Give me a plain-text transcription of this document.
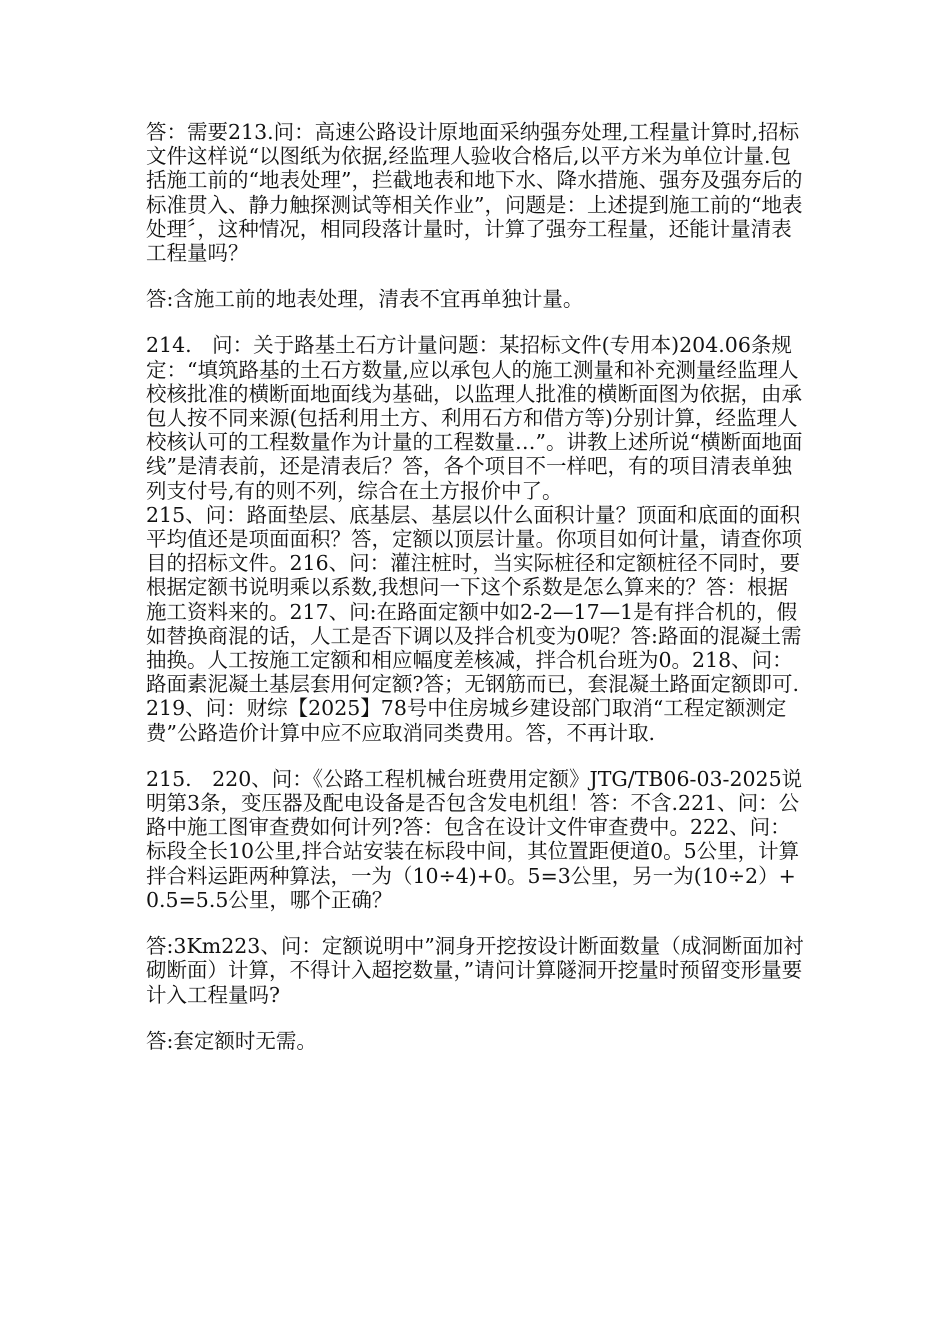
答：需要213.问：高速公路设计原地面采纳强夯处理,工程量计算时,招标文件这样说“以图纸为依据,经监理人验收合格后,以平方米为单位计量.包括施工前的“地表处理”，拦截地表和地下水、降水措施、强夯及强夯后的标准贯入、静力触探测试等相关作业”，问题是：上述提到施工前的“地表处理〞，这种情况，相同段落计量时，计算了强夯工程量，还能计量清表工程量吗？

答:含施工前的地表处理，清表不宜再单独计量。

214.　问：关于路基土石方计量问题：某招标文件(专用本)204.06条规定：“填筑路基的土石方数量,应以承包人的施工测量和补充测量经监理人校核批准的横断面地面线为基础，以监理人批准的横断面图为依据，由承包人按不同来源(包括利用土方、利用石方和借方等)分别计算，经监理人校核认可的工程数量作为计量的工程数量…”。讲教上述所说“横断面地面线”是清表前，还是清表后？答，各个项目不一样吧，有的项目清表单独列支付号,有的则不列，综合在土方报价中了。

215、问：路面垫层、底基层、基层以什么面积计量？顶面和底面的面积平均值还是项面面积？答，定额以顶层计量。你项目如何计量，请查你项目的招标文件。216、问：灌注桩时，当实际桩径和定额桩径不同时，要根据定额书说明乘以系数,我想问一下这个系数是怎么算来的？答：根据施工资料来的。217、问:在路面定额中如2-2—17—1是有拌合机的，假如替换商混的话，人工是否下调以及拌合机变为0呢？答:路面的混凝土需抽换。人工按施工定额和相应幅度差核减，拌合机台班为0。218、问：路面素泥凝土基层套用何定额?答；无钢筋而已，套混凝土路面定额即可.219、问：财综【2025】78号中住房城乡建设部门取消“工程定额测定费”公路造价计算中应不应取消同类费用。答，不再计取.

215.　220、问：《公路工程机械台班费用定额》JTG/TB06-03-2025说明第3条，变压器及配电设备是否包含发电机组！答：不含.221、问：公路中施工图审查费如何计列?答：包含在设计文件审查费中。222、问：标段全长10公里,拌合站安装在标段中间，其位置距便道0。5公里，计算拌合料运距两种算法，一为（10÷4)+0。5=3公里，另一为(10÷2）+0.5=5.5公里，哪个正确？

答:3Km223、问：定额说明中”洞身开挖按设计断面数量（成洞断面加衬砌断面）计算，不得计入超挖数量，”请问计算隧洞开挖量时预留变形量要计入工程量吗?

答:套定额时无需。
